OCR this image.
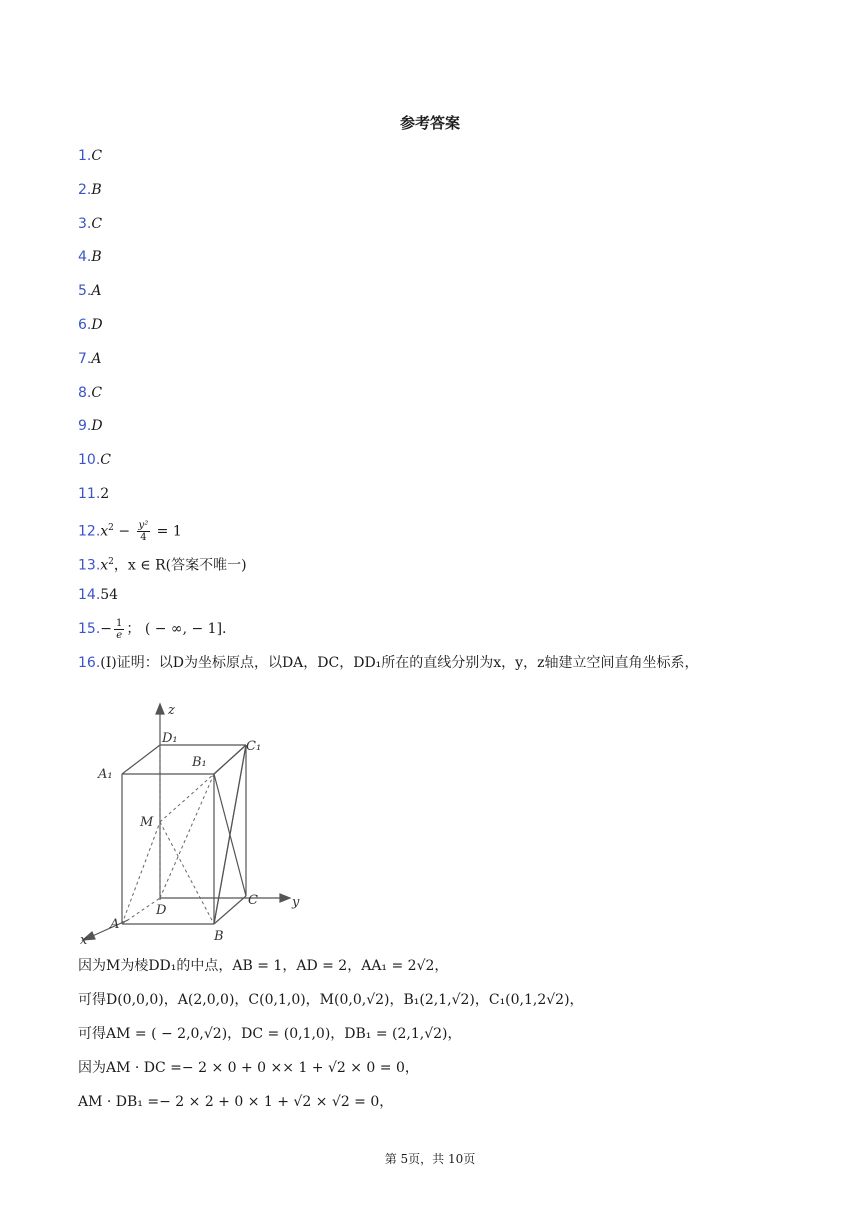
参考答案
1.C
2.B
3.C
4.B
5.A
6.D
7.A
8.C
9.D
10.C
11.2
$12.x^2 - \frac{\text{y²}}{4} = 1$
$13.x^2$，x ∈ R(答案不唯一)
14.54
$15.- \frac{1}{e}$ ； ( − ∞, − 1].
16.(I)证明：以D为坐标原点，以DA，DC，DD₁所在的直线分别为x，y，z轴建立空间直角坐标系，
z
y
x
D₁
C₁
A₁
B₁
M
D
C
A
B
因为M为棱DD₁的中点，AB = 1，AD = 2，AA₁ = 2√2，
可得D(0,0,0)，A(2,0,0)，C(0,1,0)，M(0,0,√2)，B₁(2,1,√2)，C₁(0,1,2√2)，
可得AM = ( − 2,0,√2)，DC = (0,1,0)，DB₁ = (2,1,√2)，
因为AM · DC =− 2 × 0 + 0 ×× 1 + √2 × 0 = 0，
AM · DB₁ =− 2 × 2 + 0 × 1 + √2 × √2 = 0，
第 5页，共 10页
